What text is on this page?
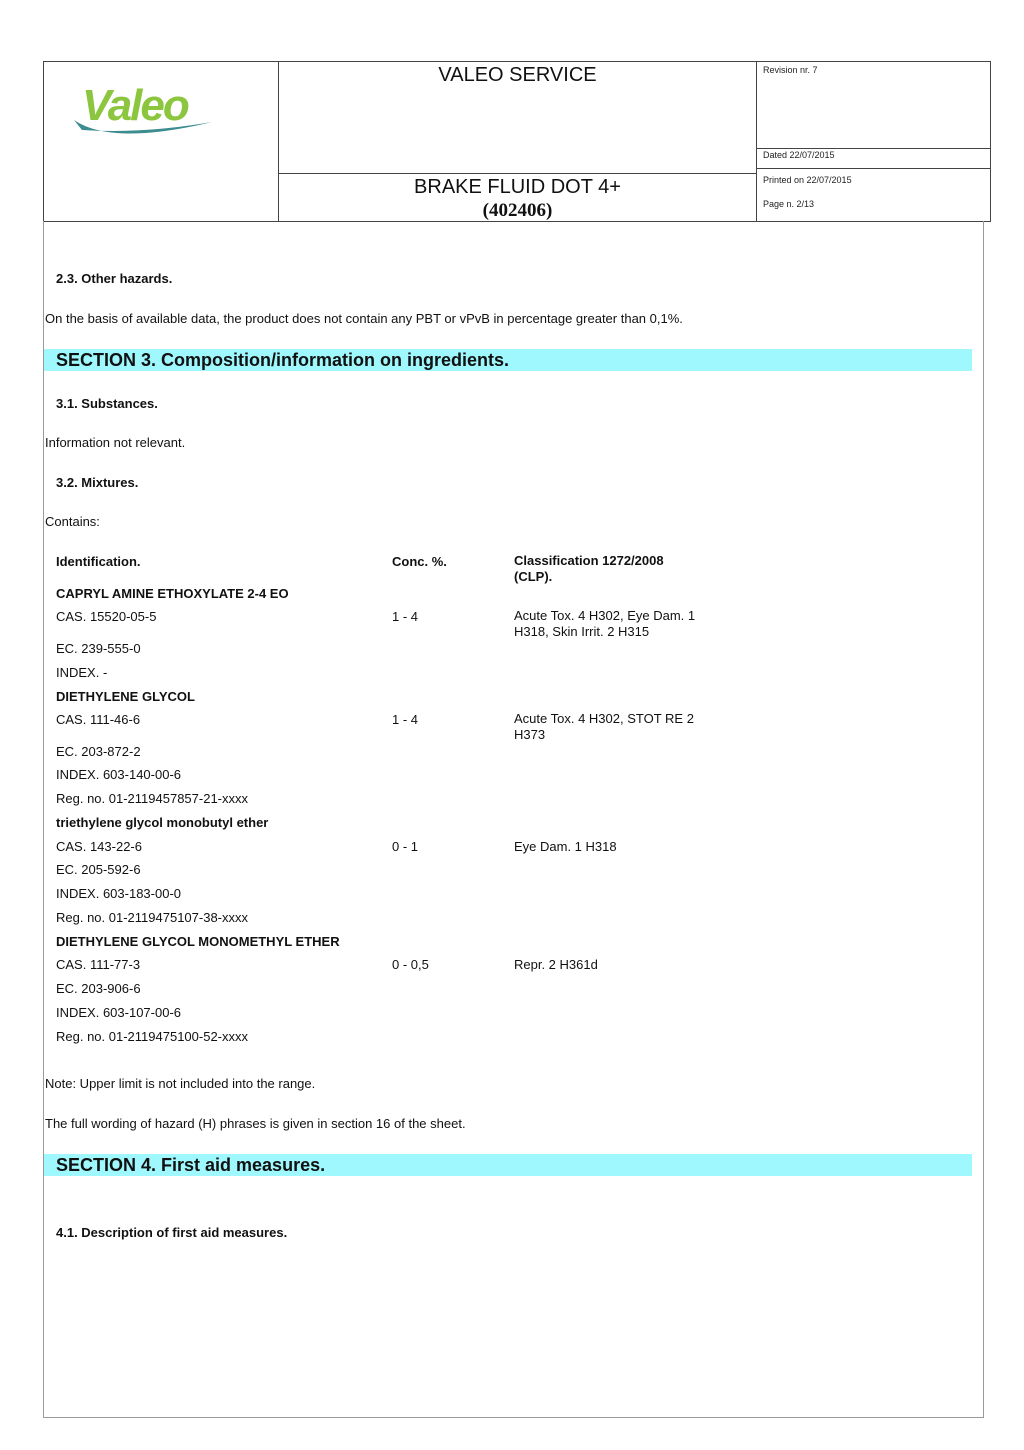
Valeo
VALEO SERVICE
BRAKE FLUID DOT 4+
(402406)
Revision nr. 7
Dated 22/07/2015
Printed on 22/07/2015
Page n. 2/13
2.3. Other hazards.
On the basis of available data, the product does not contain any PBT or vPvB in percentage greater than 0,1%.
SECTION 3. Composition/information on ingredients.
3.1. Substances.
Information not relevant.
3.2. Mixtures.
Contains:
Identification.	Conc. %.	Classification 1272/2008 (CLP).
CAPRYL AMINE ETHOXYLATE 2-4 EO
CAS. 15520-05-5	1 - 4	Acute Tox. 4 H302, Eye Dam. 1 H318, Skin Irrit. 2 H315
EC. 239-555-0
INDEX. -
DIETHYLENE GLYCOL
CAS. 111-46-6	1 - 4	Acute Tox. 4 H302, STOT RE 2 H373
EC. 203-872-2
INDEX. 603-140-00-6
Reg. no. 01-2119457857-21-xxxx
triethylene glycol monobutyl ether
CAS. 143-22-6	0 - 1	Eye Dam. 1 H318
EC. 205-592-6
INDEX. 603-183-00-0
Reg. no. 01-2119475107-38-xxxx
DIETHYLENE GLYCOL MONOMETHYL ETHER
CAS. 111-77-3	0 - 0,5	Repr. 2 H361d
EC. 203-906-6
INDEX. 603-107-00-6
Reg. no. 01-2119475100-52-xxxx
Note: Upper limit is not included into the range.
The full wording of hazard (H) phrases is given in section 16 of the sheet.
SECTION 4. First aid measures.
4.1. Description of first aid measures.
